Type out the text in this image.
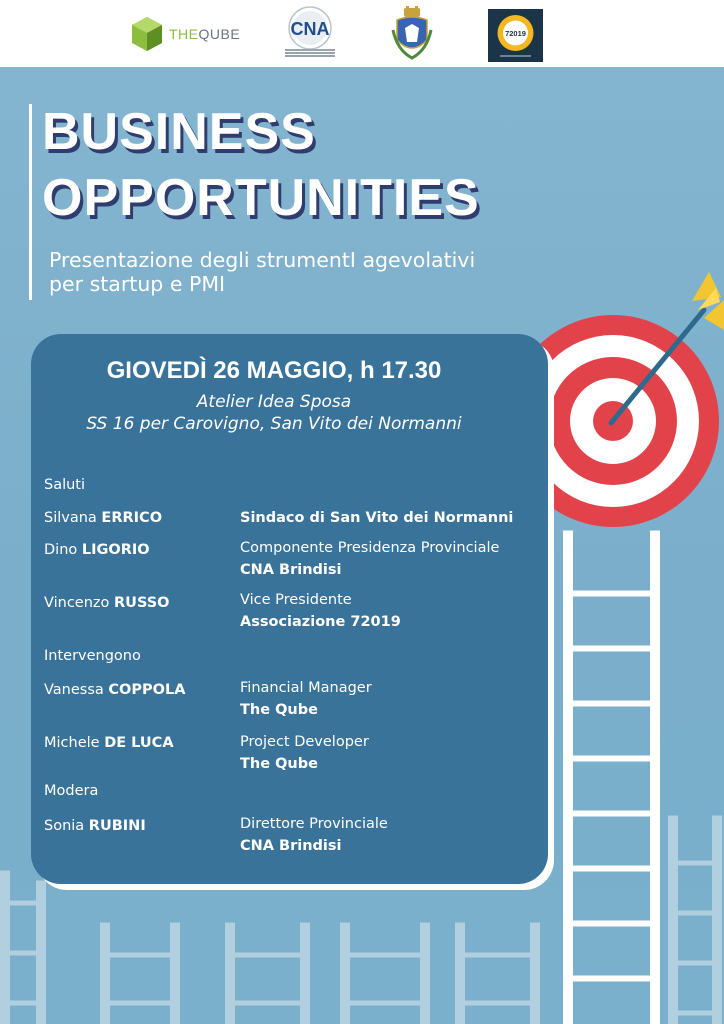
THEQUBE	CNA	72019
BUSINESS
OPPORTUNITIES
Presentazione degli strumentI agevolativi
per startup e PMI
GIOVEDÌ 26 MAGGIO, h 17.30
Atelier Idea Sposa
SS 16 per Carovigno, San Vito dei Normanni
Saluti
Silvana ERRICO	Sindaco di San Vito dei Normanni
Dino LIGORIO	Componente Presidenza Provinciale
CNA Brindisi
Vincenzo RUSSO	Vice Presidente
Associazione 72019
Intervengono
Vanessa COPPOLA	Financial Manager
The Qube
Michele DE LUCA	Project Developer
The Qube
Modera
Sonia RUBINI	Direttore Provinciale
CNA Brindisi
